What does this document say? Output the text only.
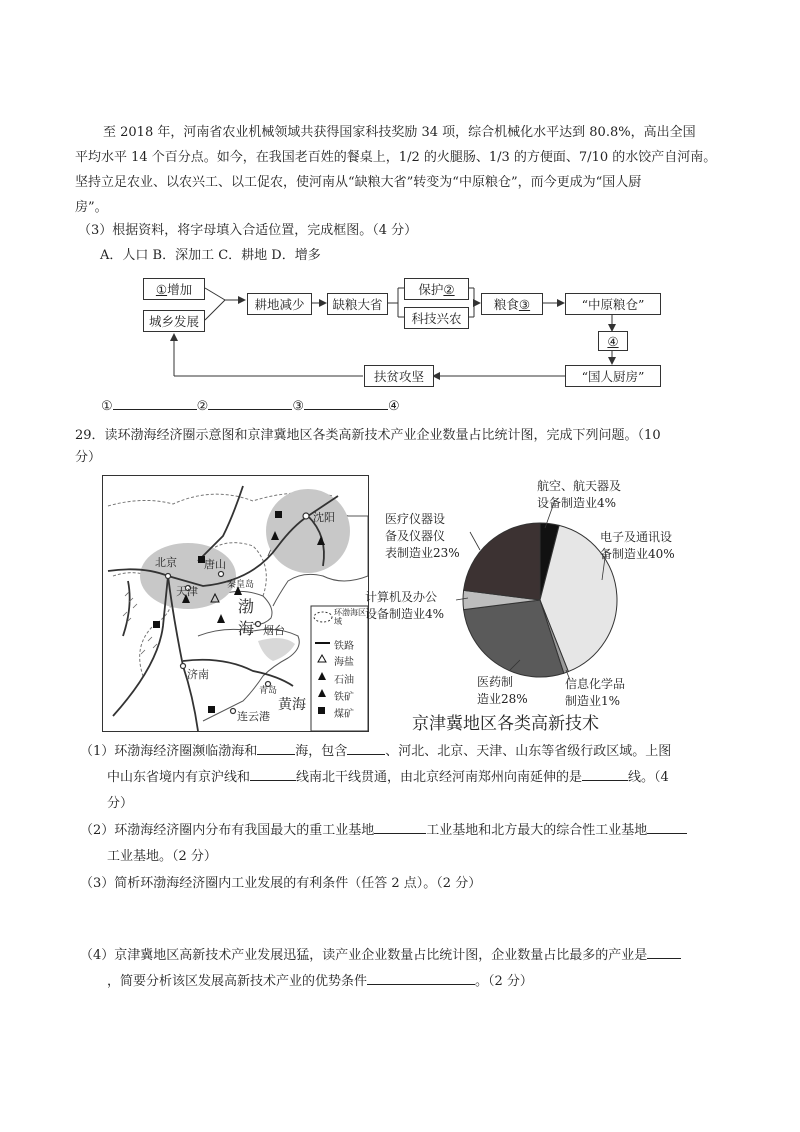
至 2018 年，河南省农业机械领域共获得国家科技奖励 34 项，综合机械化水平达到 80.8%，高出全国
平均水平 14 个百分点。如今，在我国老百姓的餐桌上，1/2 的火腿肠、1/3 的方便面、7/10 的水饺产自河南。
坚持立足农业、以农兴工、以工促农，使河南从“缺粮大省”转变为“中原粮仓”，而今更成为“国人厨
房”。
（3）根据资料，将字母填入合适位置，完成框图。（4 分）
A．人口 B．深加工 C．耕地 D．增多
① 增加
城乡发展
耕地减少	缺粮大省
保护 ②
科技兴农
粮食 ③	“中原粮仓”
④
“国人厨房”
扶贫攻坚
①	②	③	④
29．读环渤海经济圈示意图和京津冀地区各类高新技术产业企业数量占比统计图，完成下列问题。（10
分）
北京
天津
唐山
秦皇岛
沈阳
烟台
济南
青岛
连云港
渤
海
黄海
环渤海区域
铁路
海盐
石油
铁矿
煤矿
航空、航天器及
设备制造业4%
电子及通讯设
备制造业40%
信息化学品
制造业1%
医药制
造业28%
计算机及办公
设备制造业4%
医疗仪器设
备及仪器仪
表制造业23%
京津冀地区各类高新技术
（1）环渤海经济圈濒临渤海和	海，包含	、河北、北京、天津、山东等省级行政区域。上图
中山东省境内有京沪线和	线南北干线贯通，由北京经河南郑州向南延伸的是	线。（4
分）
（2）环渤海经济圈内分布有我国最大的重工业基地	工业基地和北方最大的综合性工业基地
工业基地。（2 分）
（3）简析环渤海经济圈内工业发展的有利条件（任答 2 点）。（2 分）
（4）京津冀地区高新技术产业发展迅猛，读产业企业数量占比统计图，企业数量占比最多的产业是
，简要分析该区发展高新技术产业的优势条件	。（2 分）
